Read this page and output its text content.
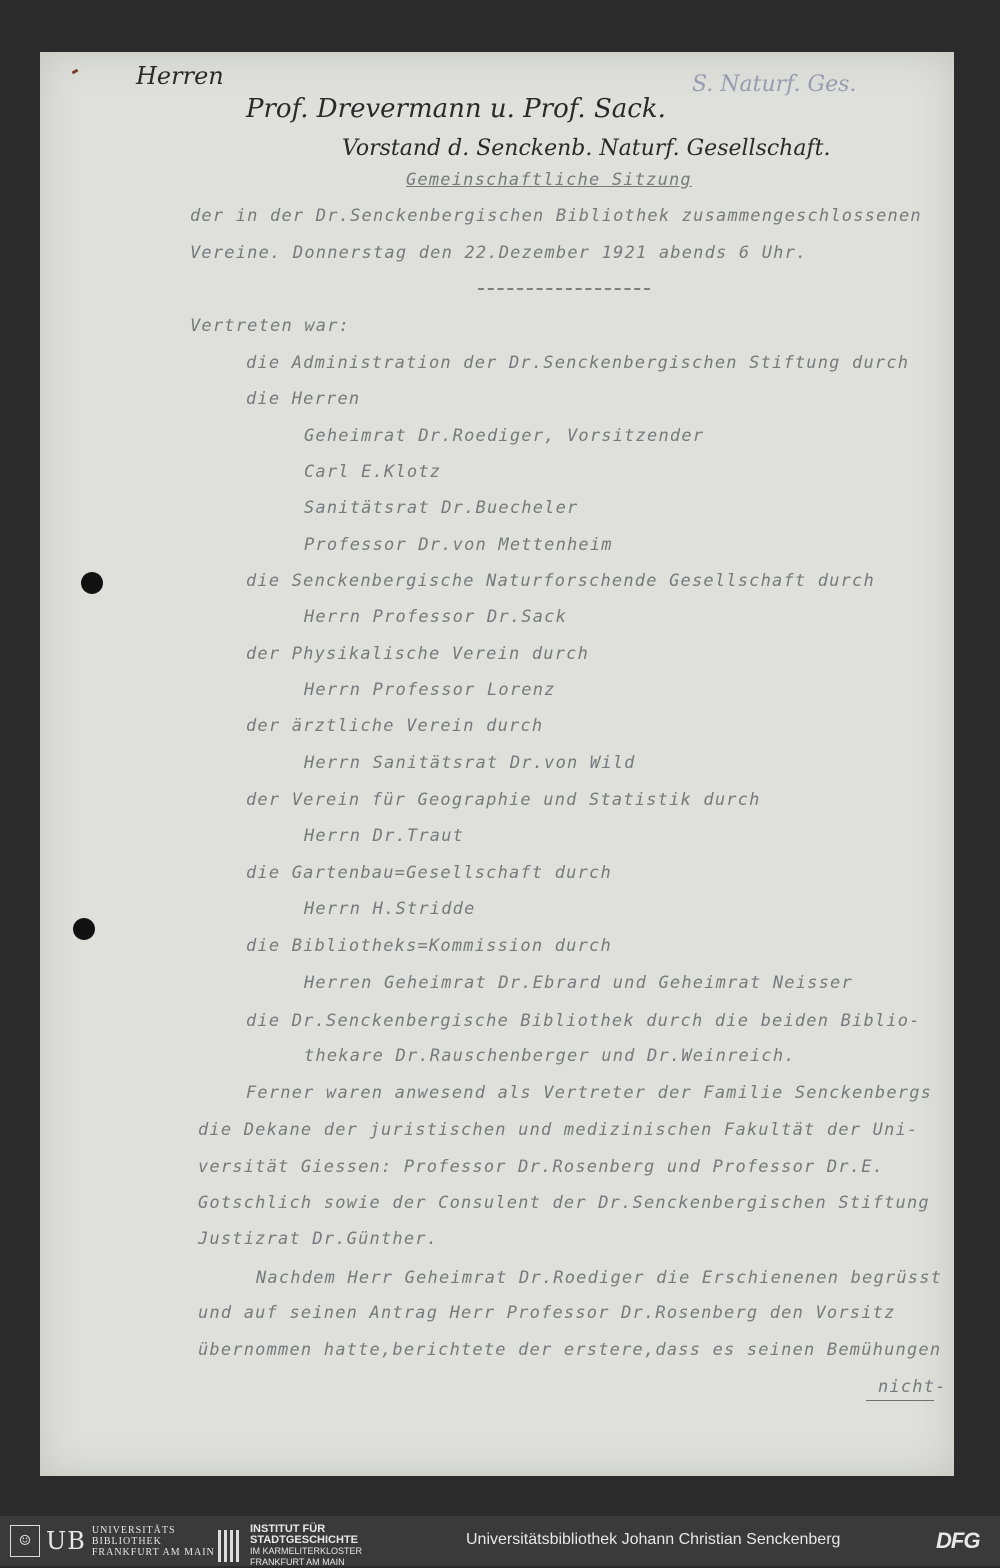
Herren
Prof. Drevermann u. Prof. Sack.
Vorstand d. Senckenb. Naturf. Gesellschaft.
S. Naturf. Ges.
Gemeinschaftliche Sitzung
der in der Dr.Senckenbergischen Bibliothek zusammengeschlossenen
Vereine. Donnerstag den 22.Dezember 1921 abends 6 Uhr.
Vertreten war:
die Administration der Dr.Senckenbergischen Stiftung durch
die Herren
Geheimrat Dr.Roediger, Vorsitzender
Carl E.Klotz
Sanitätsrat Dr.Buecheler
Professor Dr.von Mettenheim
die Senckenbergische Naturforschende Gesellschaft durch
Herrn Professor Dr.Sack
der Physikalische Verein durch
Herrn Professor Lorenz
der ärztliche Verein durch
Herrn Sanitätsrat Dr.von Wild
der Verein für Geographie und Statistik durch
Herrn Dr.Traut
die Gartenbau=Gesellschaft durch
Herrn H.Stridde
die Bibliotheks=Kommission durch
Herren Geheimrat Dr.Ebrard und Geheimrat Neisser
die Dr.Senckenbergische Bibliothek durch die beiden Biblio-
thekare Dr.Rauschenberger und Dr.Weinreich.
Ferner waren anwesend als Vertreter der Familie Senckenbergs
die Dekane der juristischen und medizinischen Fakultät der Uni-
versität Giessen: Professor Dr.Rosenberg und Professor Dr.E.
Gotschlich sowie der Consulent der Dr.Senckenbergischen Stiftung
Justizrat Dr.Günther.
Nachdem Herr Geheimrat Dr.Roediger die Erschienenen begrüsst
und auf seinen Antrag Herr Professor Dr.Rosenberg den Vorsitz
übernommen hatte,berichtete der erstere,dass es seinen Bemühungen
nicht-
☺ UB UNIVERSITÄTS
BIBLIOTHEK
FRANKFURT AM MAIN
INSTITUT FÜR
STADTGESCHICHTE
IM KARMELITERKLOSTER
FRANKFURT AM MAIN
Universitätsbibliothek Johann Christian Senckenberg	DFG
